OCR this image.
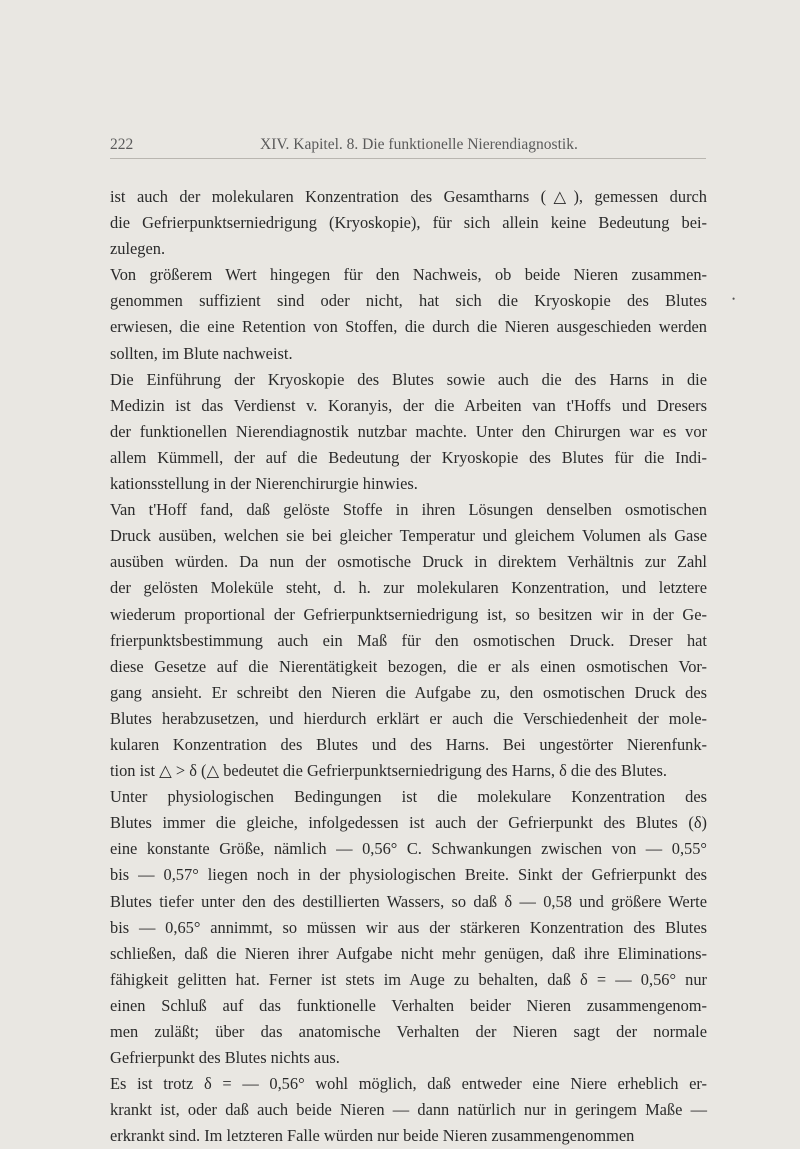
222	XIV. Kapitel. 8. Die funktionelle Nierendiagnostik.
•

ist auch der molekularen Konzentration des Gesamtharns (△), gemessen durch
die Gefrierpunktserniedrigung (Kryoskopie), für sich allein keine Bedeutung bei-
zulegen.

Von größerem Wert hingegen für den Nachweis, ob beide Nieren zusammen-
genommen suffizient sind oder nicht, hat sich die Kryoskopie des Blutes
erwiesen, die eine Retention von Stoffen, die durch die Nieren ausgeschieden werden
sollten, im Blute nachweist.

Die Einführung der Kryoskopie des Blutes sowie auch die des Harns in die
Medizin ist das Verdienst v. Koranyis, der die Arbeiten van t'Hoffs und Dresers
der funktionellen Nierendiagnostik nutzbar machte. Unter den Chirurgen war es vor
allem Kümmell, der auf die Bedeutung der Kryoskopie des Blutes für die Indi-
kationsstellung in der Nierenchirurgie hinwies.

Van t'Hoff fand, daß gelöste Stoffe in ihren Lösungen denselben osmotischen
Druck ausüben, welchen sie bei gleicher Temperatur und gleichem Volumen als Gase
ausüben würden. Da nun der osmotische Druck in direktem Verhältnis zur Zahl
der gelösten Moleküle steht, d. h. zur molekularen Konzentration, und letztere
wiederum proportional der Gefrierpunktserniedrigung ist, so besitzen wir in der Ge-
frierpunktsbestimmung auch ein Maß für den osmotischen Druck. Dreser hat
diese Gesetze auf die Nierentätigkeit bezogen, die er als einen osmotischen Vor-
gang ansieht. Er schreibt den Nieren die Aufgabe zu, den osmotischen Druck des
Blutes herabzusetzen, und hierdurch erklärt er auch die Verschiedenheit der mole-
kularen Konzentration des Blutes und des Harns. Bei ungestörter Nierenfunk-
tion ist △ > δ (△ bedeutet die Gefrierpunktserniedrigung des Harns, δ die des Blutes.

Unter physiologischen Bedingungen ist die molekulare Konzentration des
Blutes immer die gleiche, infolgedessen ist auch der Gefrierpunkt des Blutes (δ)
eine konstante Größe, nämlich — 0,56° C. Schwankungen zwischen von — 0,55°
bis — 0,57° liegen noch in der physiologischen Breite. Sinkt der Gefrierpunkt des
Blutes tiefer unter den des destillierten Wassers, so daß δ — 0,58 und größere Werte
bis — 0,65° annimmt, so müssen wir aus der stärkeren Konzentration des Blutes
schließen, daß die Nieren ihrer Aufgabe nicht mehr genügen, daß ihre Eliminations-
fähigkeit gelitten hat. Ferner ist stets im Auge zu behalten, daß δ = — 0,56° nur
einen Schluß auf das funktionelle Verhalten beider Nieren zusammengenom-
men zuläßt; über das anatomische Verhalten der Nieren sagt der normale
Gefrierpunkt des Blutes nichts aus.

Es ist trotz δ = — 0,56° wohl möglich, daß entweder eine Niere erheblich er-
krankt ist, oder daß auch beide Nieren — dann natürlich nur in geringem Maße —
erkrankt sind. Im letzteren Falle würden nur beide Nieren zusammengenommen
